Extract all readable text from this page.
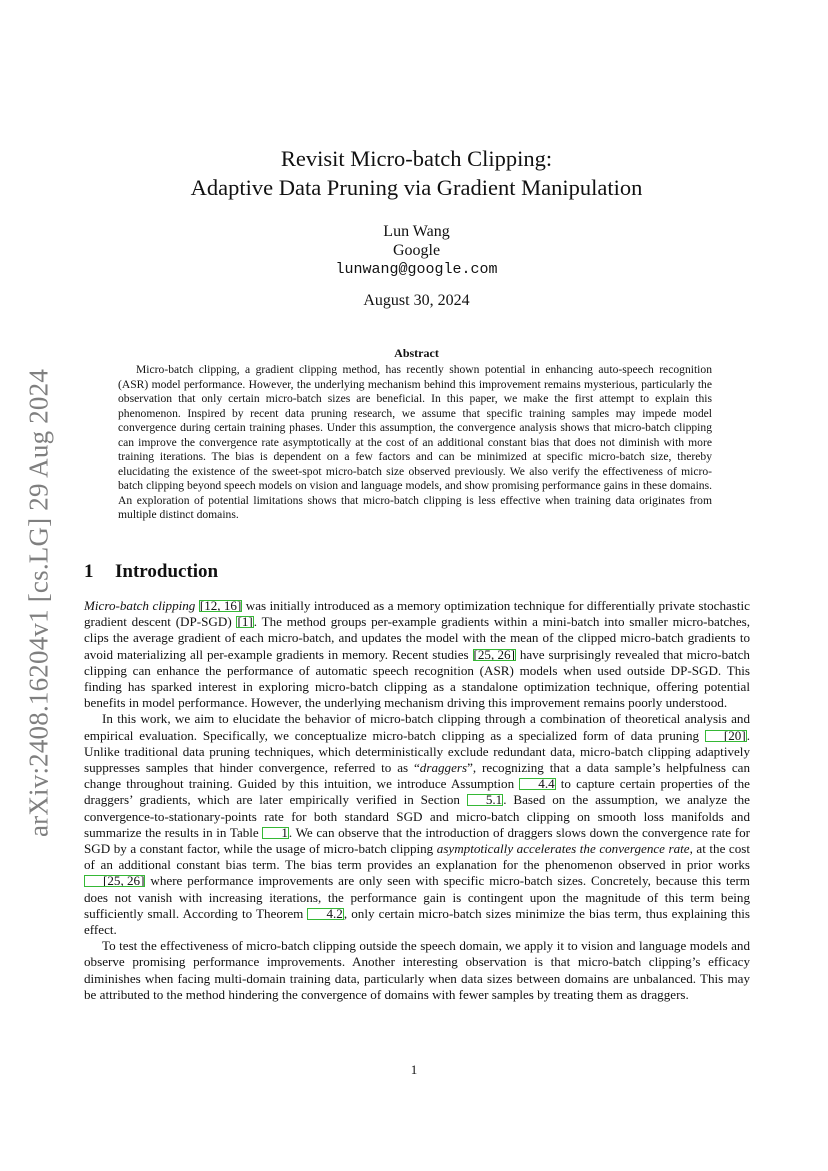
arXiv:2408.16204v1 [cs.LG] 29 Aug 2024
Revisit Micro-batch Clipping:
Adaptive Data Pruning via Gradient Manipulation
Lun Wang
Google
lunwang@google.com
August 30, 2024
Abstract

Micro-batch clipping, a gradient clipping method, has recently shown potential in enhancing auto-speech recognition (ASR) model performance. However, the underlying mechanism behind this improvement remains mysterious, particularly the observation that only certain micro-batch sizes are beneficial. In this paper, we make the first attempt to explain this phenomenon. Inspired by recent data pruning research, we assume that specific training samples may impede model convergence during certain training phases. Under this assumption, the convergence analysis shows that micro-batch clipping can improve the convergence rate asymptotically at the cost of an additional constant bias that does not diminish with more training iterations. The bias is dependent on a few factors and can be minimized at specific micro-batch size, thereby elucidating the existence of the sweet-spot micro-batch size observed previously. We also verify the effectiveness of micro-batch clipping beyond speech models on vision and language models, and show promising performance gains in these domains. An exploration of potential limitations shows that micro-batch clipping is less effective when training data originates from multiple distinct domains.

1 Introduction

Micro-batch clipping [12, 16] was initially introduced as a memory optimization technique for differentially private stochastic gradient descent (DP-SGD) [1]. The method groups per-example gradients within a mini-batch into smaller micro-batches, clips the average gradient of each micro-batch, and updates the model with the mean of the clipped micro-batch gradients to avoid materializing all per-example gradients in memory. Recent studies [25, 26] have surprisingly revealed that micro-batch clipping can enhance the performance of automatic speech recognition (ASR) models when used outside DP-SGD. This finding has sparked interest in exploring micro-batch clipping as a standalone optimization technique, offering potential benefits in model performance. However, the underlying mechanism driving this improvement remains poorly understood.

In this work, we aim to elucidate the behavior of micro-batch clipping through a combination of theoretical analysis and empirical evaluation. Specifically, we conceptualize micro-batch clipping as a specialized form of data pruning [20]. Unlike traditional data pruning techniques, which deterministically exclude redundant data, micro-batch clipping adaptively suppresses samples that hinder convergence, referred to as “draggers”, recognizing that a data sample’s helpfulness can change throughout training. Guided by this intuition, we introduce Assumption 4.4 to capture certain properties of the draggers’ gradients, which are later empirically verified in Section 5.1. Based on the assumption, we analyze the convergence-to-stationary-points rate for both standard SGD and micro-batch clipping on smooth loss manifolds and summarize the results in in Table 1. We can observe that the introduction of draggers slows down the convergence rate for SGD by a constant factor, while the usage of micro-batch clipping asymptotically accelerates the convergence rate, at the cost of an additional constant bias term. The bias term provides an explanation for the phenomenon observed in prior works [25, 26] where performance improvements are only seen with specific micro-batch sizes. Concretely, because this term does not vanish with increasing iterations, the performance gain is contingent upon the magnitude of this term being sufficiently small. According to Theorem 4.2, only certain micro-batch sizes minimize the bias term, thus explaining this effect.

To test the effectiveness of micro-batch clipping outside the speech domain, we apply it to vision and language models and observe promising performance improvements. Another interesting observation is that micro-batch clipping’s efficacy diminishes when facing multi-domain training data, particularly when data sizes between domains are unbalanced. This may be attributed to the method hindering the convergence of domains with fewer samples by treating them as draggers.

1
